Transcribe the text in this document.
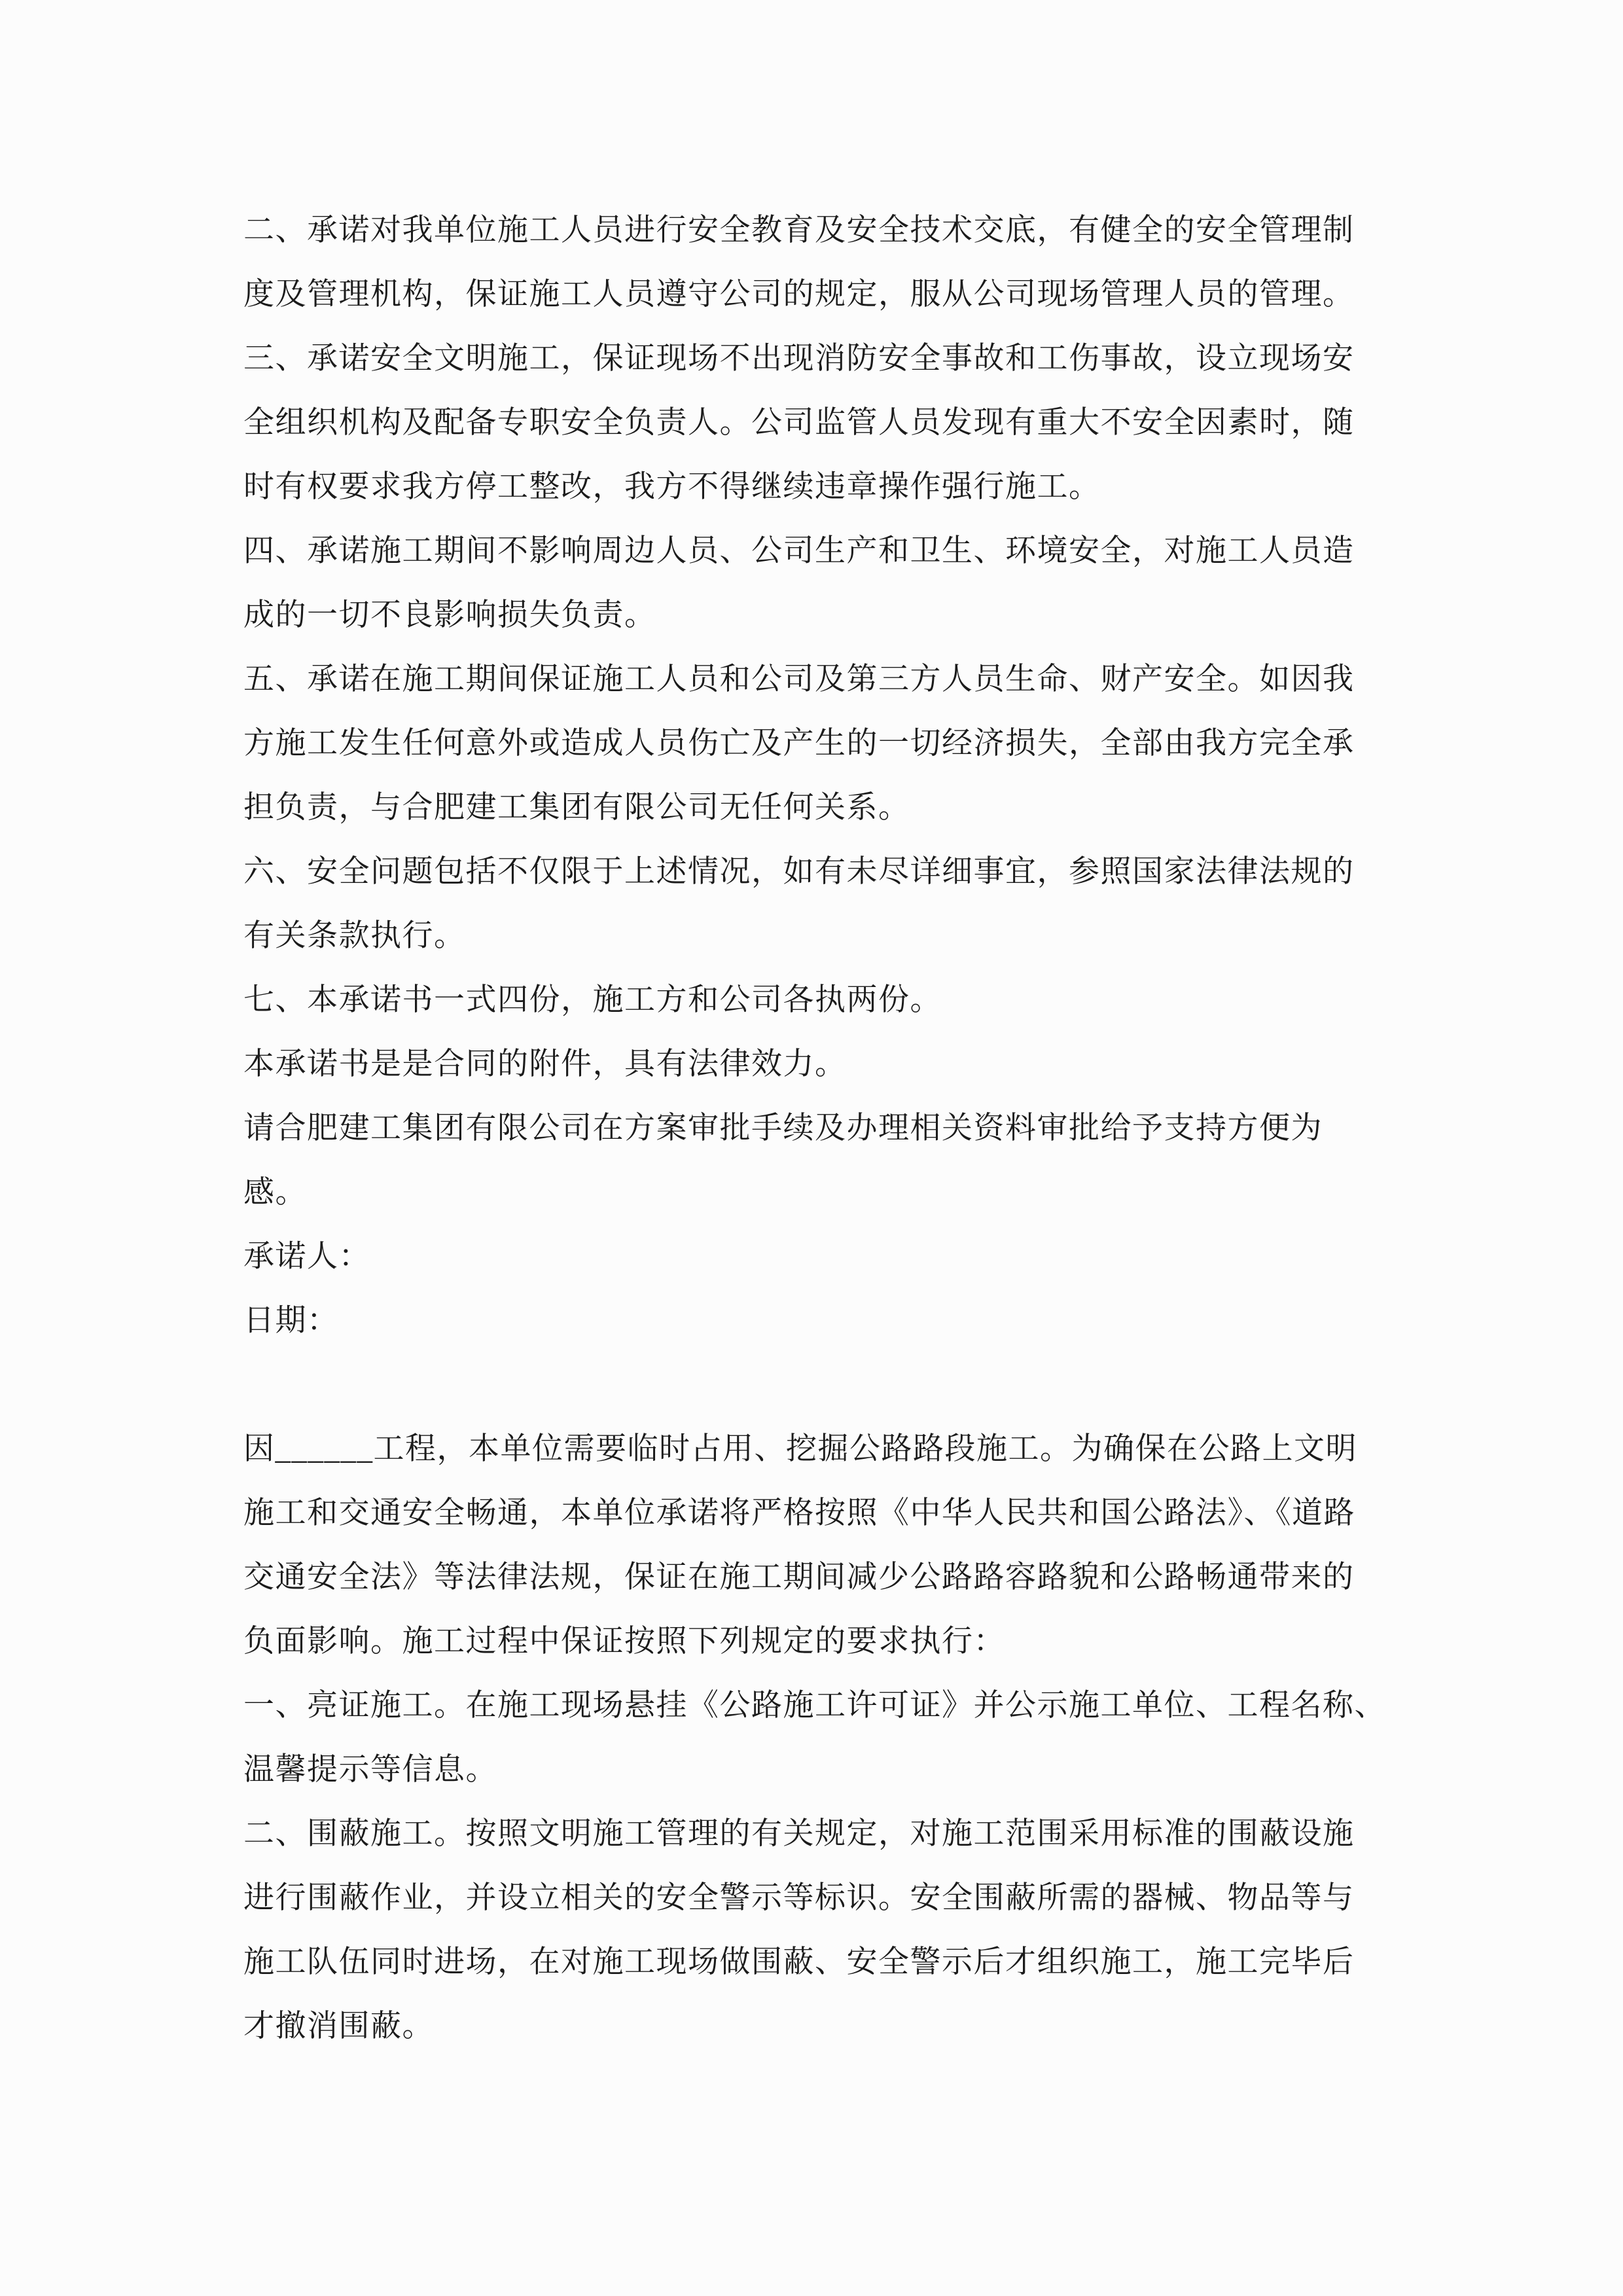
二、承诺对我单位施工人员进行安全教育及安全技术交底，有健全的安全管理制
度及管理机构，保证施工人员遵守公司的规定，服从公司现场管理人员的管理。
三、承诺安全文明施工，保证现场不出现消防安全事故和工伤事故，设立现场安
全组织机构及配备专职安全负责人。公司监管人员发现有重大不安全因素时，随
时有权要求我方停工整改，我方不得继续违章操作强行施工。
四、承诺施工期间不影响周边人员、公司生产和卫生、环境安全，对施工人员造
成的一切不良影响损失负责。
五、承诺在施工期间保证施工人员和公司及第三方人员生命、财产安全。如因我
方施工发生任何意外或造成人员伤亡及产生的一切经济损失，全部由我方完全承
担负责，与合肥建工集团有限公司无任何关系。
六、安全问题包括不仅限于上述情况，如有未尽详细事宜，参照国家法律法规的
有关条款执行。
七、本承诺书一式四份，施工方和公司各执两份。
本承诺书是是合同的附件，具有法律效力。
请合肥建工集团有限公司在方案审批手续及办理相关资料审批给予支持方便为
感。
承诺人：
日期：
因______工程，本单位需要临时占用、挖掘公路路段施工。为确保在公路上文明
施工和交通安全畅通，本单位承诺将严格按照《中华人民共和国公路法》、《道路
交通安全法》等法律法规，保证在施工期间减少公路路容路貌和公路畅通带来的
负面影响。施工过程中保证按照下列规定的要求执行：
一、亮证施工。在施工现场悬挂《公路施工许可证》并公示施工单位、工程名称、
温馨提示等信息。
二、围蔽施工。按照文明施工管理的有关规定，对施工范围采用标准的围蔽设施
进行围蔽作业，并设立相关的安全警示等标识。安全围蔽所需的器械、物品等与
施工队伍同时进场，在对施工现场做围蔽、安全警示后才组织施工，施工完毕后
才撤消围蔽。
